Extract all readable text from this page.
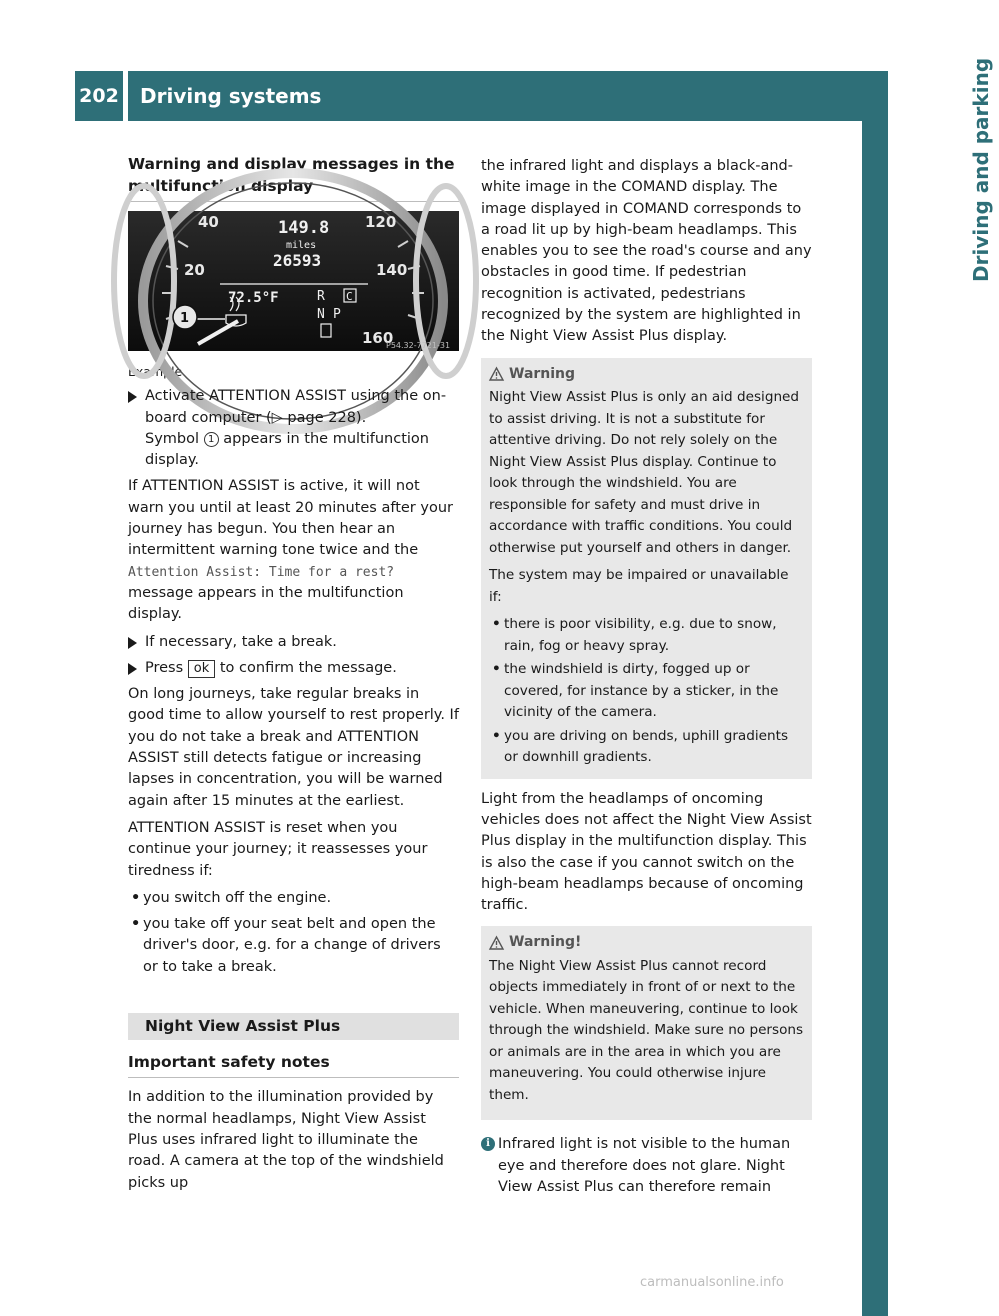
202	Driving systems	Driving and parking
Warning and display messages in the multifunction display
40	120
20	140
160
149.8
miles
26593
72.5°F	R C
N P
1
P54.32-7721-31
Example
Activate ATTENTION ASSIST using the on-board computer (▷ page 228).
Symbol 1 appears in the multifunction display.

If ATTENTION ASSIST is active, it will not warn you until at least 20 minutes after your journey has begun. You then hear an intermittent warning tone twice and the
Attention Assist: Time for a rest?
message appears in the multifunction display.

If necessary, take a break.
Press ok to confirm the message.

On long journeys, take regular breaks in good time to allow yourself to rest properly. If you do not take a break and ATTENTION ASSIST still detects fatigue or increasing lapses in concentration, you will be warned again after 15 minutes at the earliest.

ATTENTION ASSIST is reset when you continue your journey; it reassesses your tiredness if:

• you switch off the engine.
• you take off your seat belt and open the driver's door, e.g. for a change of drivers or to take a break.
Night View Assist Plus
Important safety notes

In addition to the illumination provided by the normal headlamps, Night View Assist Plus uses infrared light to illuminate the road. A camera at the top of the windshield picks up

the infrared light and displays a black-and-white image in the COMAND display. The image displayed in COMAND corresponds to a road lit up by high-beam headlamps. This enables you to see the road's course and any obstacles in good time. If pedestrian recognition is activated, pedestrians recognized by the system are highlighted in the Night View Assist Plus display.

Warning

Night View Assist Plus is only an aid designed to assist driving. It is not a substitute for attentive driving. Do not rely solely on the Night View Assist Plus display. Continue to look through the windshield. You are responsible for safety and must drive in accordance with traffic conditions. You could otherwise put yourself and others in danger.

The system may be impaired or unavailable if:

• there is poor visibility, e.g. due to snow, rain, fog or heavy spray.
• the windshield is dirty, fogged up or covered, for instance by a sticker, in the vicinity of the camera.
• you are driving on bends, uphill gradients or downhill gradients.

Light from the headlamps of oncoming vehicles does not affect the Night View Assist Plus display in the multifunction display. This is also the case if you cannot switch on the high-beam headlamps because of oncoming traffic.

Warning!

The Night View Assist Plus cannot record objects immediately in front of or next to the vehicle. When maneuvering, continue to look through the windshield. Make sure no persons or animals are in the area in which you are maneuvering. You could otherwise injure them.

i Infrared light is not visible to the human eye and therefore does not glare. Night View Assist Plus can therefore remain
carmanualsonline.info
